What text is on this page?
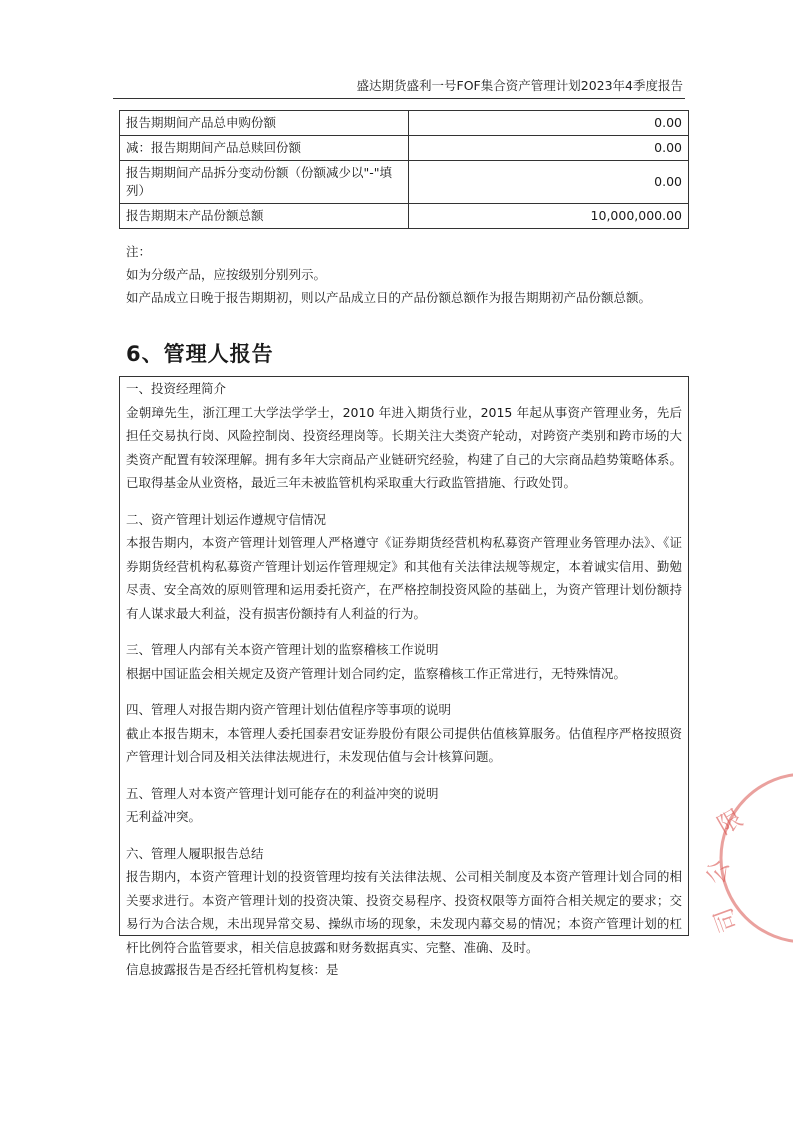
盛达期货盛利一号FOF集合资产管理计划2023年4季度报告
报告期期间产品总申购份额	0.00
减：报告期期间产品总赎回份额	0.00
报告期期间产品拆分变动份额（份额减少以"-"填列）	0.00
报告期期末产品份额总额	10,000,000.00

注：

如为分级产品，应按级别分别列示。

如产品成立日晚于报告期期初，则以产品成立日的产品份额总额作为报告期期初产品份额总额。

6、管理人报告

一、投资经理简介

金朝璋先生，浙江理工大学法学学士，2010 年进入期货行业，2015 年起从事资产管理业务，先后担任交易执行岗、风险控制岗、投资经理岗等。长期关注大类资产轮动，对跨资产类别和跨市场的大类资产配置有较深理解。拥有多年大宗商品产业链研究经验，构建了自己的大宗商品趋势策略体系。已取得基金从业资格，最近三年未被监管机构采取重大行政监管措施、行政处罚。

二、资产管理计划运作遵规守信情况

本报告期内，本资产管理计划管理人严格遵守《证券期货经营机构私募资产管理业务管理办法》、《证券期货经营机构私募资产管理计划运作管理规定》和其他有关法律法规等规定，本着诚实信用、勤勉尽责、安全高效的原则管理和运用委托资产，在严格控制投资风险的基础上，为资产管理计划份额持有人谋求最大利益，没有损害份额持有人利益的行为。

三、管理人内部有关本资产管理计划的监察稽核工作说明

根据中国证监会相关规定及资产管理计划合同约定，监察稽核工作正常进行，无特殊情况。

四、管理人对报告期内资产管理计划估值程序等事项的说明

截止本报告期末，本管理人委托国泰君安证券股份有限公司提供估值核算服务。估值程序严格按照资产管理计划合同及相关法律法规进行，未发现估值与会计核算问题。

五、管理人对本资产管理计划可能存在的利益冲突的说明

无利益冲突。

六、管理人履职报告总结

报告期内，本资产管理计划的投资管理均按有关法律法规、公司相关制度及本资产管理计划合同的相关要求进行。本资产管理计划的投资决策、投资交易程序、投资权限等方面符合相关规定的要求；交易行为合法合规，未出现异常交易、操纵市场的现象，未发现内幕交易的情况；本资产管理计划的杠杆比例符合监管要求，相关信息披露和财务数据真实、完整、准确、及时。

信息披露报告是否经托管机构复核：是
限
公
司
